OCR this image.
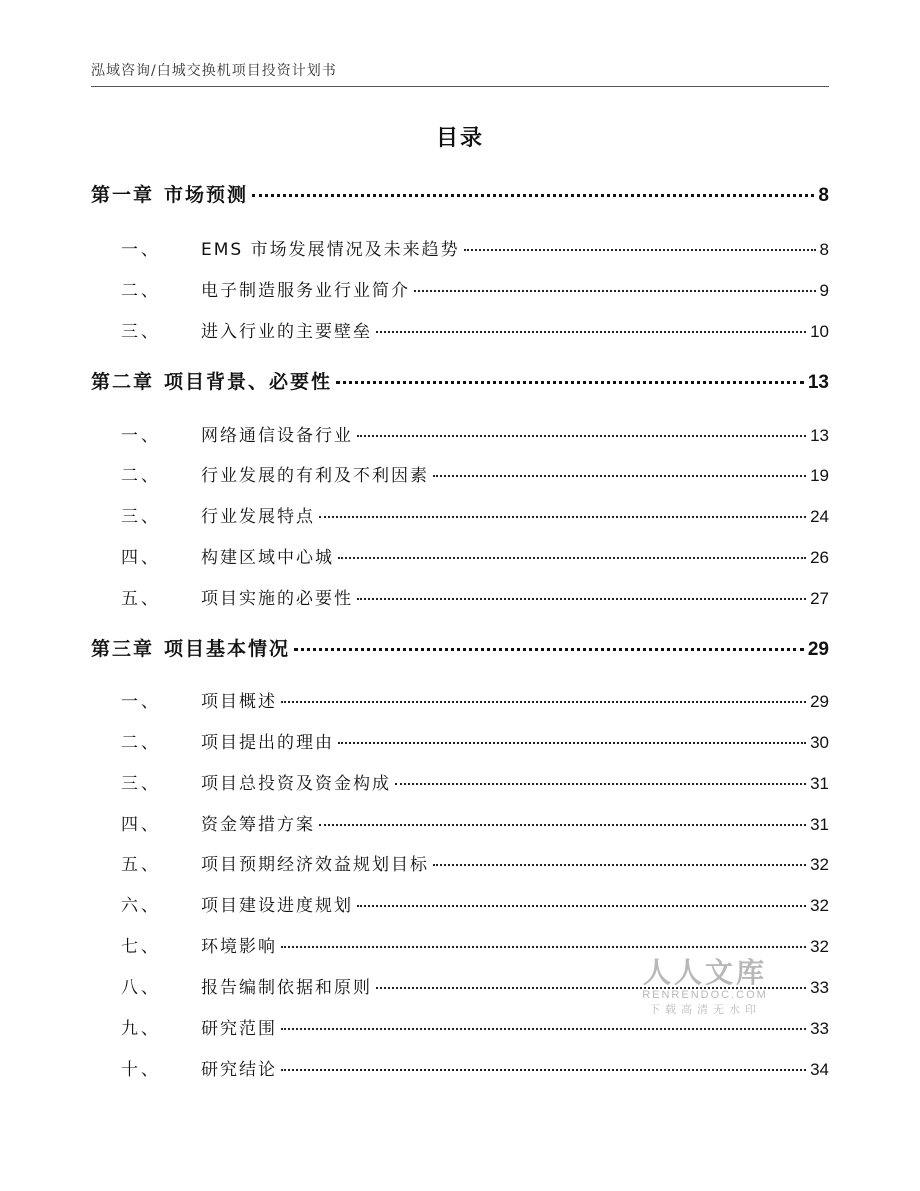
泓域咨询/白城交换机项目投资计划书
目录
第一章 市场预测	8
一、	EMS 市场发展情况及未来趋势	8
二、	电子制造服务业行业简介	9
三、	进入行业的主要壁垒	10
第二章 项目背景、必要性	13
一、	网络通信设备行业	13
二、	行业发展的有利及不利因素	19
三、	行业发展特点	24
四、	构建区域中心城	26
五、	项目实施的必要性	27
第三章 项目基本情况	29
一、	项目概述	29
二、	项目提出的理由	30
三、	项目总投资及资金构成	31
四、	资金筹措方案	31
五、	项目预期经济效益规划目标	32
六、	项目建设进度规划	32
七、	环境影响	32
八、	报告编制依据和原则	33
九、	研究范围	33
十、	研究结论	34
人人文库
RENRENDOC.COM
下载高清无水印
